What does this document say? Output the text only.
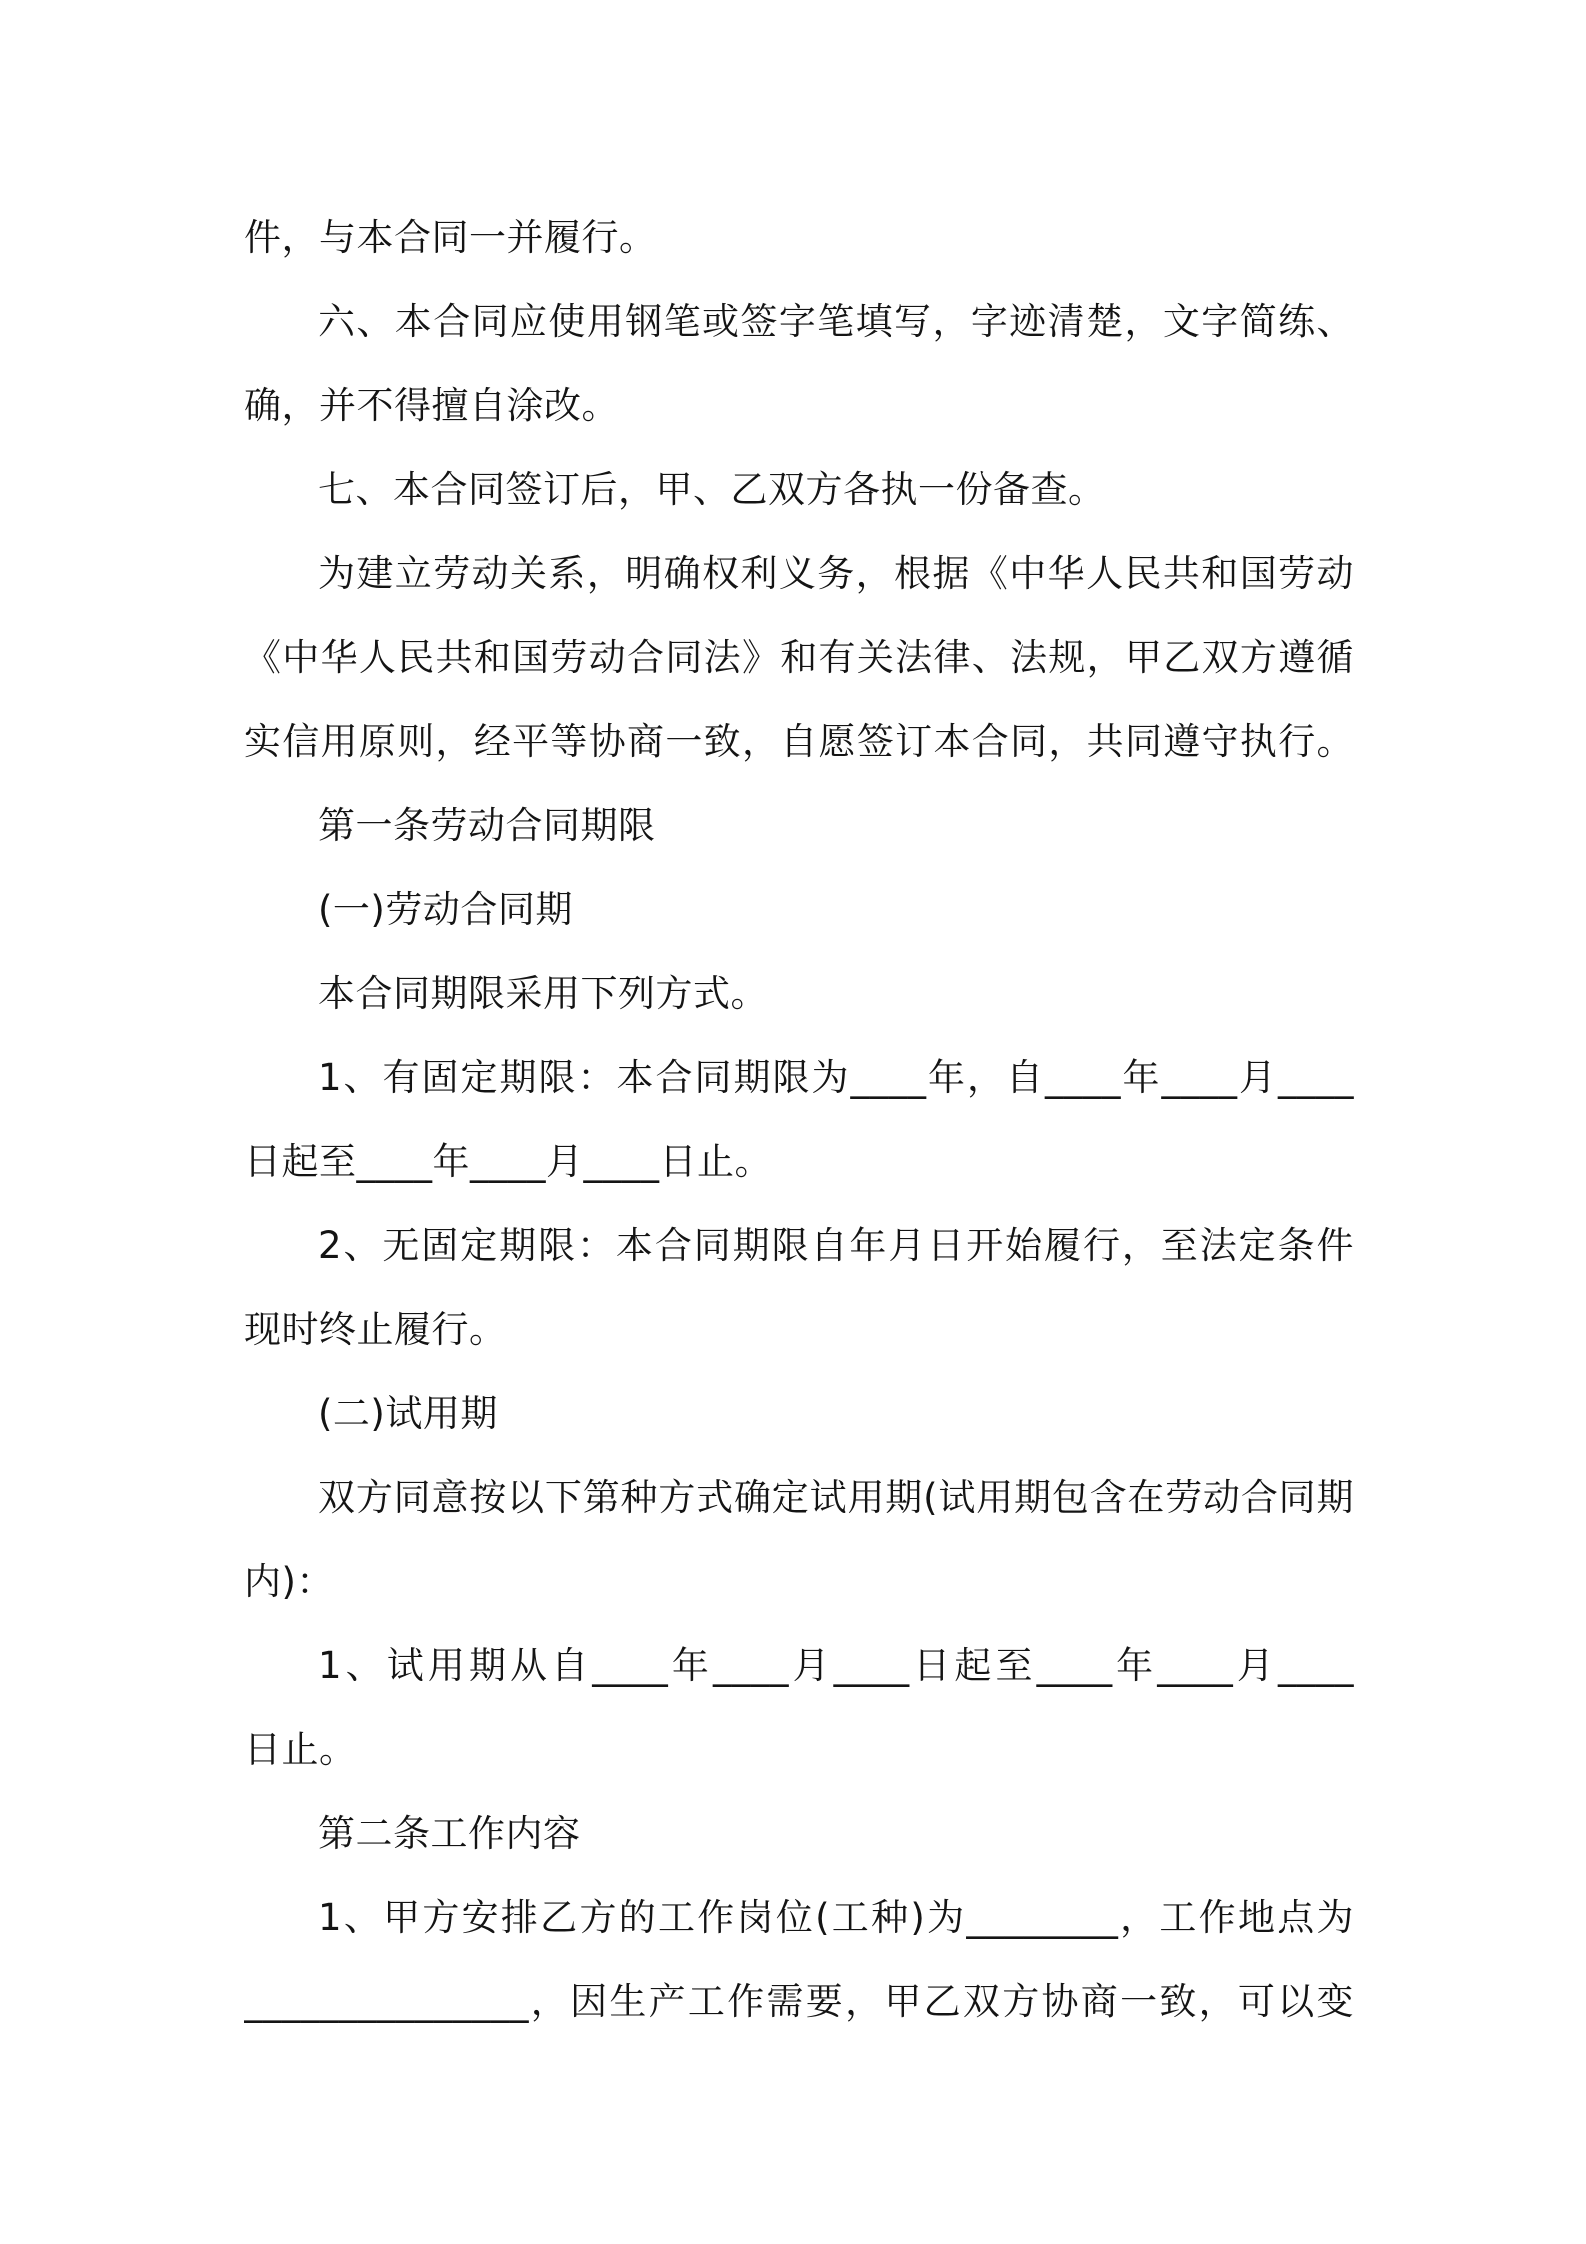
件，与本合同一并履行。
六、本合同应使用钢笔或签字笔填写，字迹清楚，文字简练、
确，并不得擅自涂改。
七、本合同签订后，甲、乙双方各执一份备查。
为建立劳动关系，明确权利义务，根据《中华人民共和国劳动
《中华人民共和国劳动合同法》和有关法律、法规，甲乙双方遵循
实信用原则，经平等协商一致，自愿签订本合同，共同遵守执行。
第一条劳动合同期限
(一)劳动合同期
本合同期限采用下列方式。
1、有固定期限：本合同期限为____年，自____年____月____
日起至____年____月____日止。
2、无固定期限：本合同期限自年月日开始履行，至法定条件
现时终止履行。
(二)试用期
双方同意按以下第种方式确定试用期(试用期包含在劳动合同期
内)：
1、试用期从自____年____月____日起至____年____月____
日止。
第二条工作内容
1、甲方安排乙方的工作岗位(工种)为________，工作地点为
_______________，因生产工作需要，甲乙双方协商一致，可以变
